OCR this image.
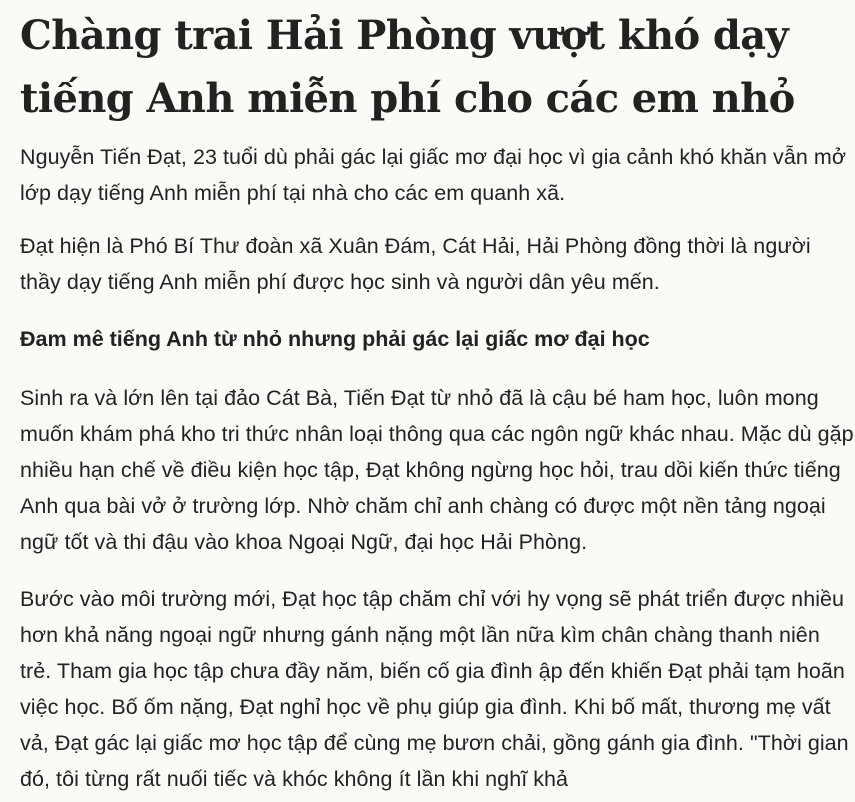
Chàng trai Hải Phòng vượt khó dạy tiếng Anh miễn phí cho các em nhỏ

Nguyễn Tiến Đạt, 23 tuổi dù phải gác lại giấc mơ đại học vì gia cảnh khó khăn vẫn mở lớp dạy tiếng Anh miễn phí tại nhà cho các em quanh xã.

Đạt hiện là Phó Bí Thư đoàn xã Xuân Đám, Cát Hải, Hải Phòng đồng thời là người thầy dạy tiếng Anh miễn phí được học sinh và người dân yêu mến.

Đam mê tiếng Anh từ nhỏ nhưng phải gác lại giấc mơ đại học

Sinh ra và lớn lên tại đảo Cát Bà, Tiến Đạt từ nhỏ đã là cậu bé ham học, luôn mong muốn khám phá kho tri thức nhân loại thông qua các ngôn ngữ khác nhau. Mặc dù gặp nhiều hạn chế về điều kiện học tập, Đạt không ngừng học hỏi, trau dồi kiến thức tiếng Anh qua bài vở ở trường lớp. Nhờ chăm chỉ anh chàng có được một nền tảng ngoại ngữ tốt và thi đậu vào khoa Ngoại Ngữ, đại học Hải Phòng.

Bước vào môi trường mới, Đạt học tập chăm chỉ với hy vọng sẽ phát triển được nhiều hơn khả năng ngoại ngữ nhưng gánh nặng một lần nữa kìm chân chàng thanh niên trẻ. Tham gia học tập chưa đầy năm, biến cố gia đình ập đến khiến Đạt phải tạm hoãn việc học. Bố ốm nặng, Đạt nghỉ học về phụ giúp gia đình. Khi bố mất, thương mẹ vất vả, Đạt gác lại giấc mơ học tập để cùng mẹ bươn chải, gồng gánh gia đình. "Thời gian đó, tôi từng rất nuối tiếc và khóc không ít lần khi nghĩ khả
